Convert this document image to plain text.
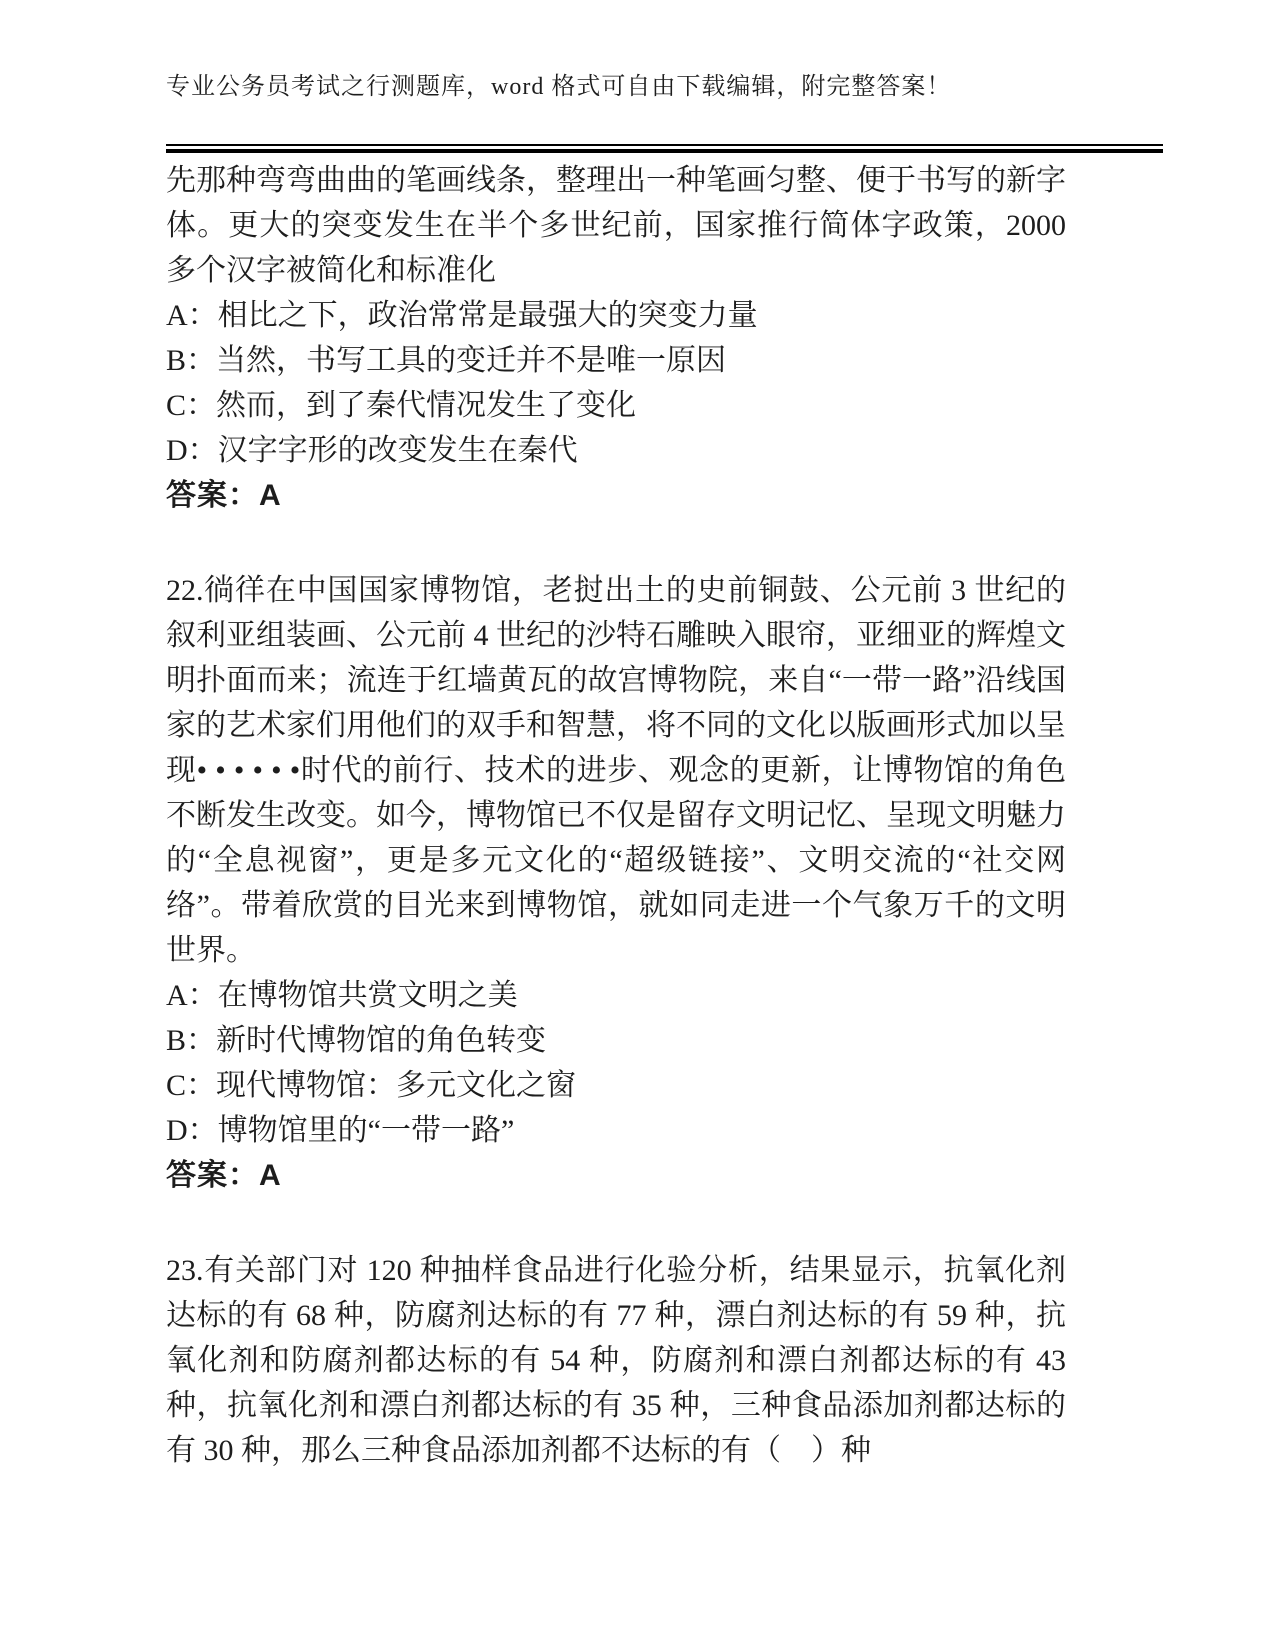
专业公务员考试之行测题库，word 格式可自由下载编辑，附完整答案！

先那种弯弯曲曲的笔画线条，整理出一种笔画匀整、便于书写的新字体。更大的突变发生在半个多世纪前，国家推行简体字政策，2000 多个汉字被简化和标准化

A：相比之下，政治常常是最强大的突变力量
B：当然，书写工具的变迁并不是唯一原因
C：然而，到了秦代情况发生了变化
D：汉字字形的改变发生在秦代
答案：A

22.徜徉在中国国家博物馆，老挝出土的史前铜鼓、公元前 3 世纪的叙利亚组装画、公元前 4 世纪的沙特石雕映入眼帘，亚细亚的辉煌文明扑面而来；流连于红墙黄瓦的故宫博物院，来自“一带一路”沿线国家的艺术家们用他们的双手和智慧，将不同的文化以版画形式加以呈现• • • • • •时代的前行、技术的进步、观念的更新，让博物馆的角色不断发生改变。如今，博物馆已不仅是留存文明记忆、呈现文明魅力的“全息视窗”，更是多元文化的“超级链接”、文明交流的“社交网络”。带着欣赏的目光来到博物馆，就如同走进一个气象万千的文明世界。

A：在博物馆共赏文明之美
B：新时代博物馆的角色转变
C：现代博物馆：多元文化之窗
D：博物馆里的“一带一路”
答案：A

23.有关部门对 120 种抽样食品进行化验分析，结果显示，抗氧化剂达标的有 68 种，防腐剂达标的有 77 种，漂白剂达标的有 59 种，抗氧化剂和防腐剂都达标的有 54 种，防腐剂和漂白剂都达标的有 43 种，抗氧化剂和漂白剂都达标的有 35 种，三种食品添加剂都达标的有 30 种，那么三种食品添加剂都不达标的有（　）种
